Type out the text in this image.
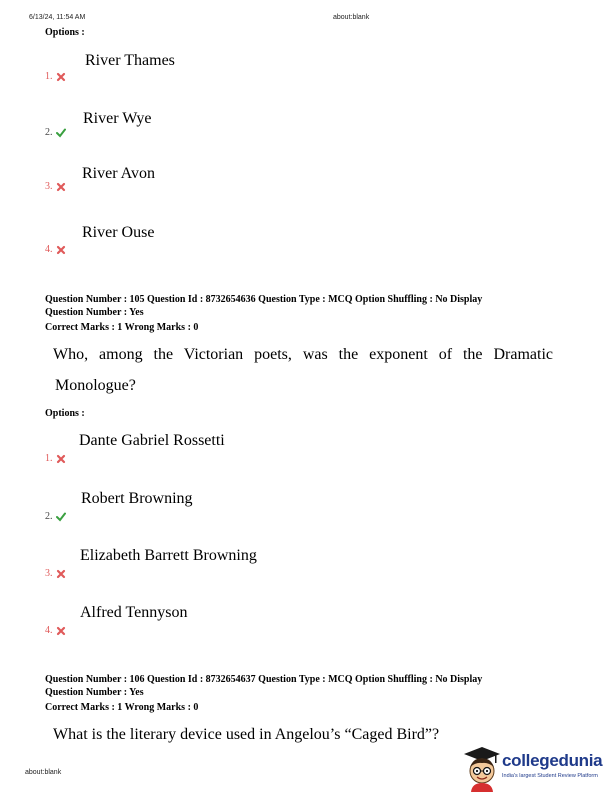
6/13/24, 11:54 AM	about:blank
about:blank
Options :
River Thames
1.
River Wye
2.
River Avon
3.
River Ouse
4.
Question Number : 105 Question Id : 8732654636 Question Type : MCQ Option Shuffling : No Display
Question Number : Yes
Correct Marks : 1 Wrong Marks : 0
Who, among the Victorian poets, was the exponent of the Dramatic
Monologue?
Options :
Dante Gabriel Rossetti
1.
Robert Browning
2.
Elizabeth Barrett Browning
3.
Alfred Tennyson
4.
Question Number : 106 Question Id : 8732654637 Question Type : MCQ Option Shuffling : No Display
Question Number : Yes
Correct Marks : 1 Wrong Marks : 0
What is the literary device used in Angelou’s “Caged Bird”?
collegedunia
India's largest Student Review Platform
